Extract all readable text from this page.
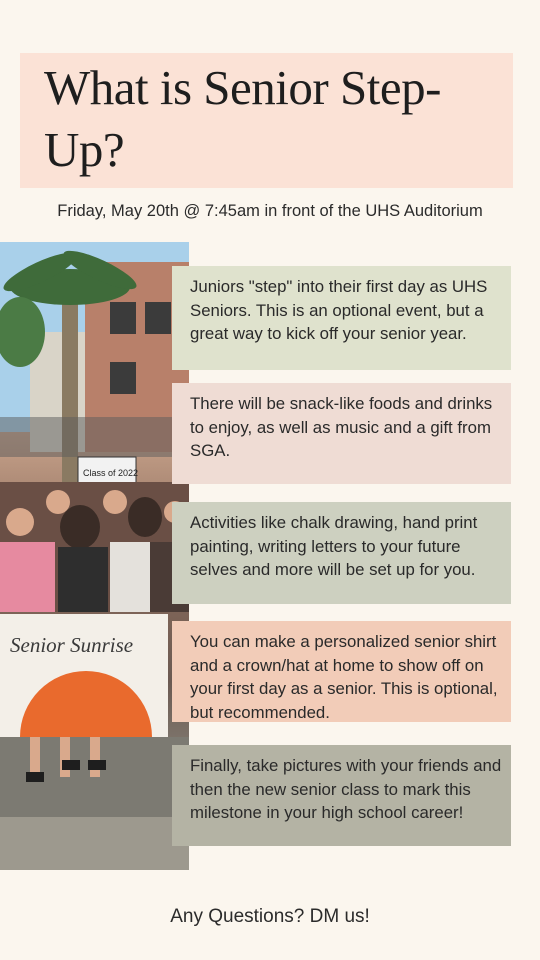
What is Senior Step-Up?
Friday, May 20th @ 7:45am in front of the UHS Auditorium
Class of 2022
Senior Sunrise
Juniors "step" into their first day as UHS Seniors. This is an optional event, but a great way to kick off your senior year.
There will be snack-like foods and drinks to enjoy, as well as music and a gift from SGA.
Activities like chalk drawing, hand print painting, writing letters to your future selves and more will be set up for you.
You can make a personalized senior shirt and a crown/hat at home to show off on your first day as a senior. This is optional, but recommended.
Finally, take pictures with your friends and then the new senior class to mark this milestone in your high school career!
Any Questions? DM us!
